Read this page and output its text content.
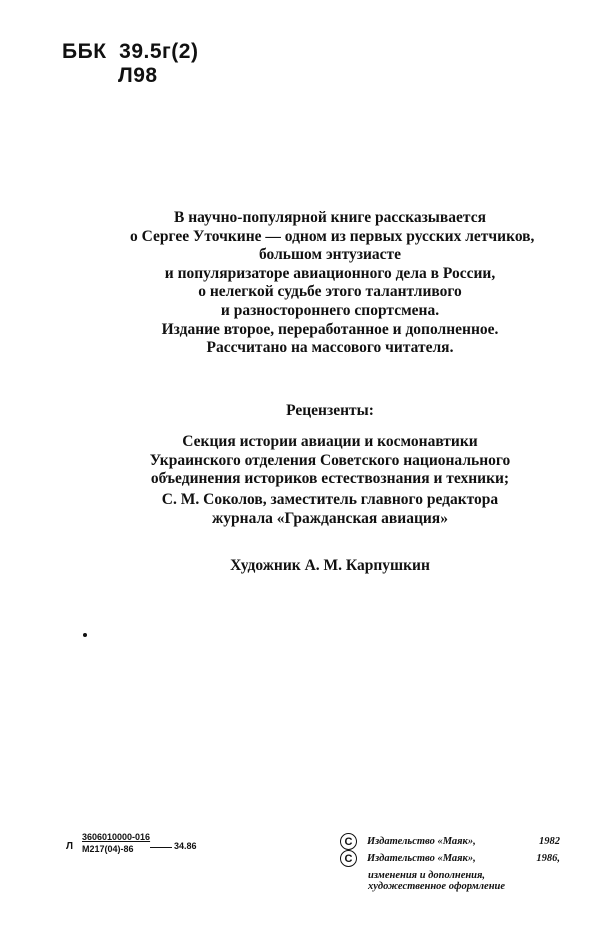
ББК  39.5г(2)
Л98
В научно-популярной книге рассказывается
о Сергее Уточкине — одном из первых русских летчиков,
большом энтузиасте
и популяризаторе авиационного дела в России,
о нелегкой судьбе этого талантливого
и разностороннего спортсмена.
Издание второе, переработанное и дополненное.
Рассчитано на массового читателя.
Рецензенты:
Секция истории авиации и космонавтики
Украинского отделения Советского национального
объединения историков естествознания и техники;
С. М. Соколов, заместитель главного редактора
журнала «Гражданская авиация»
Художник А. М. Карпушкин
Л
3606010000-016
М217(04)-86	34.86	С	Издательство «Маяк»,	1982
С	Издательство «Маяк»,	1986,
изменения и дополнения,
художественное оформление
